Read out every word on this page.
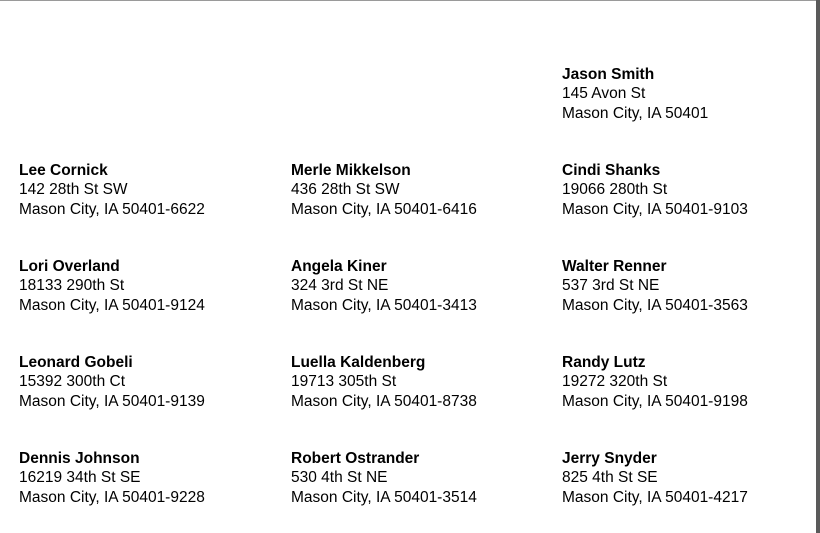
Jason Smith
145 Avon St
Mason City, IA 50401
Lee Cornick
142 28th St SW
Mason City, IA 50401-6622
Merle Mikkelson
436 28th St SW
Mason City, IA 50401-6416
Cindi Shanks
19066 280th St
Mason City, IA 50401-9103
Lori Overland
18133 290th St
Mason City, IA 50401-9124
Angela Kiner
324 3rd St NE
Mason City, IA 50401-3413
Walter Renner
537 3rd St NE
Mason City, IA 50401-3563
Leonard Gobeli
15392 300th Ct
Mason City, IA 50401-9139
Luella Kaldenberg
19713 305th St
Mason City, IA 50401-8738
Randy Lutz
19272 320th St
Mason City, IA 50401-9198
Dennis Johnson
16219 34th St SE
Mason City, IA 50401-9228
Robert Ostrander
530 4th St NE
Mason City, IA 50401-3514
Jerry Snyder
825 4th St SE
Mason City, IA 50401-4217
